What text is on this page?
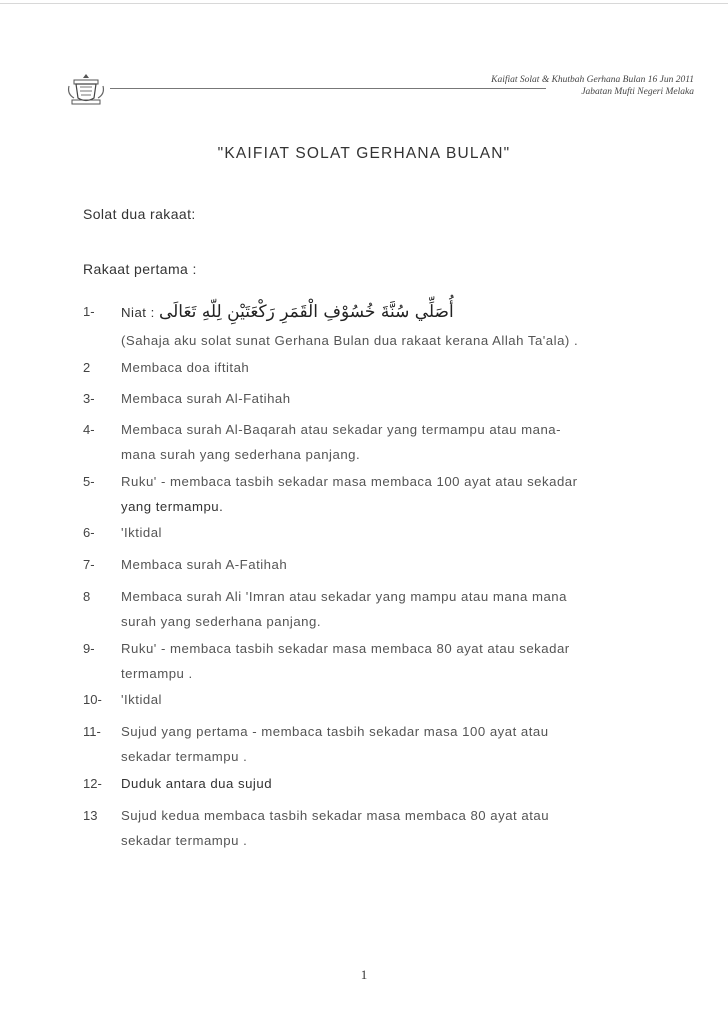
Kaifiat Solat & Khutbah Gerhana Bulan 16 Jun 2011
Jabatan Mufti Negeri Melaka
"KAIFIAT SOLAT GERHANA BULAN"
Solat dua rakaat:
Rakaat pertama :
1-	Niat : أُصَلِّي سُنَّةَ خُسُوْفِ الْقَمَرِ رَكْعَتَيْنِ لِلّهِ تَعَالَى
(Sahaja aku solat sunat Gerhana Bulan dua rakaat kerana Allah Ta'ala) .
2	Membaca doa iftitah
3-	Membaca surah Al-Fatihah
4-	Membaca surah Al-Baqarah atau sekadar yang termampu atau mana-
mana surah yang sederhana panjang.
5-	Ruku' - membaca tasbih sekadar masa membaca 100 ayat atau sekadar
yang termampu.
6-	'Iktidal
7-	Membaca surah A-Fatihah
8	Membaca surah Ali 'Imran atau sekadar yang mampu atau mana mana
surah yang sederhana panjang.
9-	Ruku' - membaca tasbih sekadar masa membaca 80 ayat atau sekadar
termampu .
10-	'Iktidal
11-	Sujud yang pertama - membaca tasbih sekadar masa 100 ayat atau
sekadar termampu .
12-	Duduk antara dua sujud
13	Sujud kedua membaca tasbih sekadar masa membaca 80 ayat atau
sekadar termampu .
1
